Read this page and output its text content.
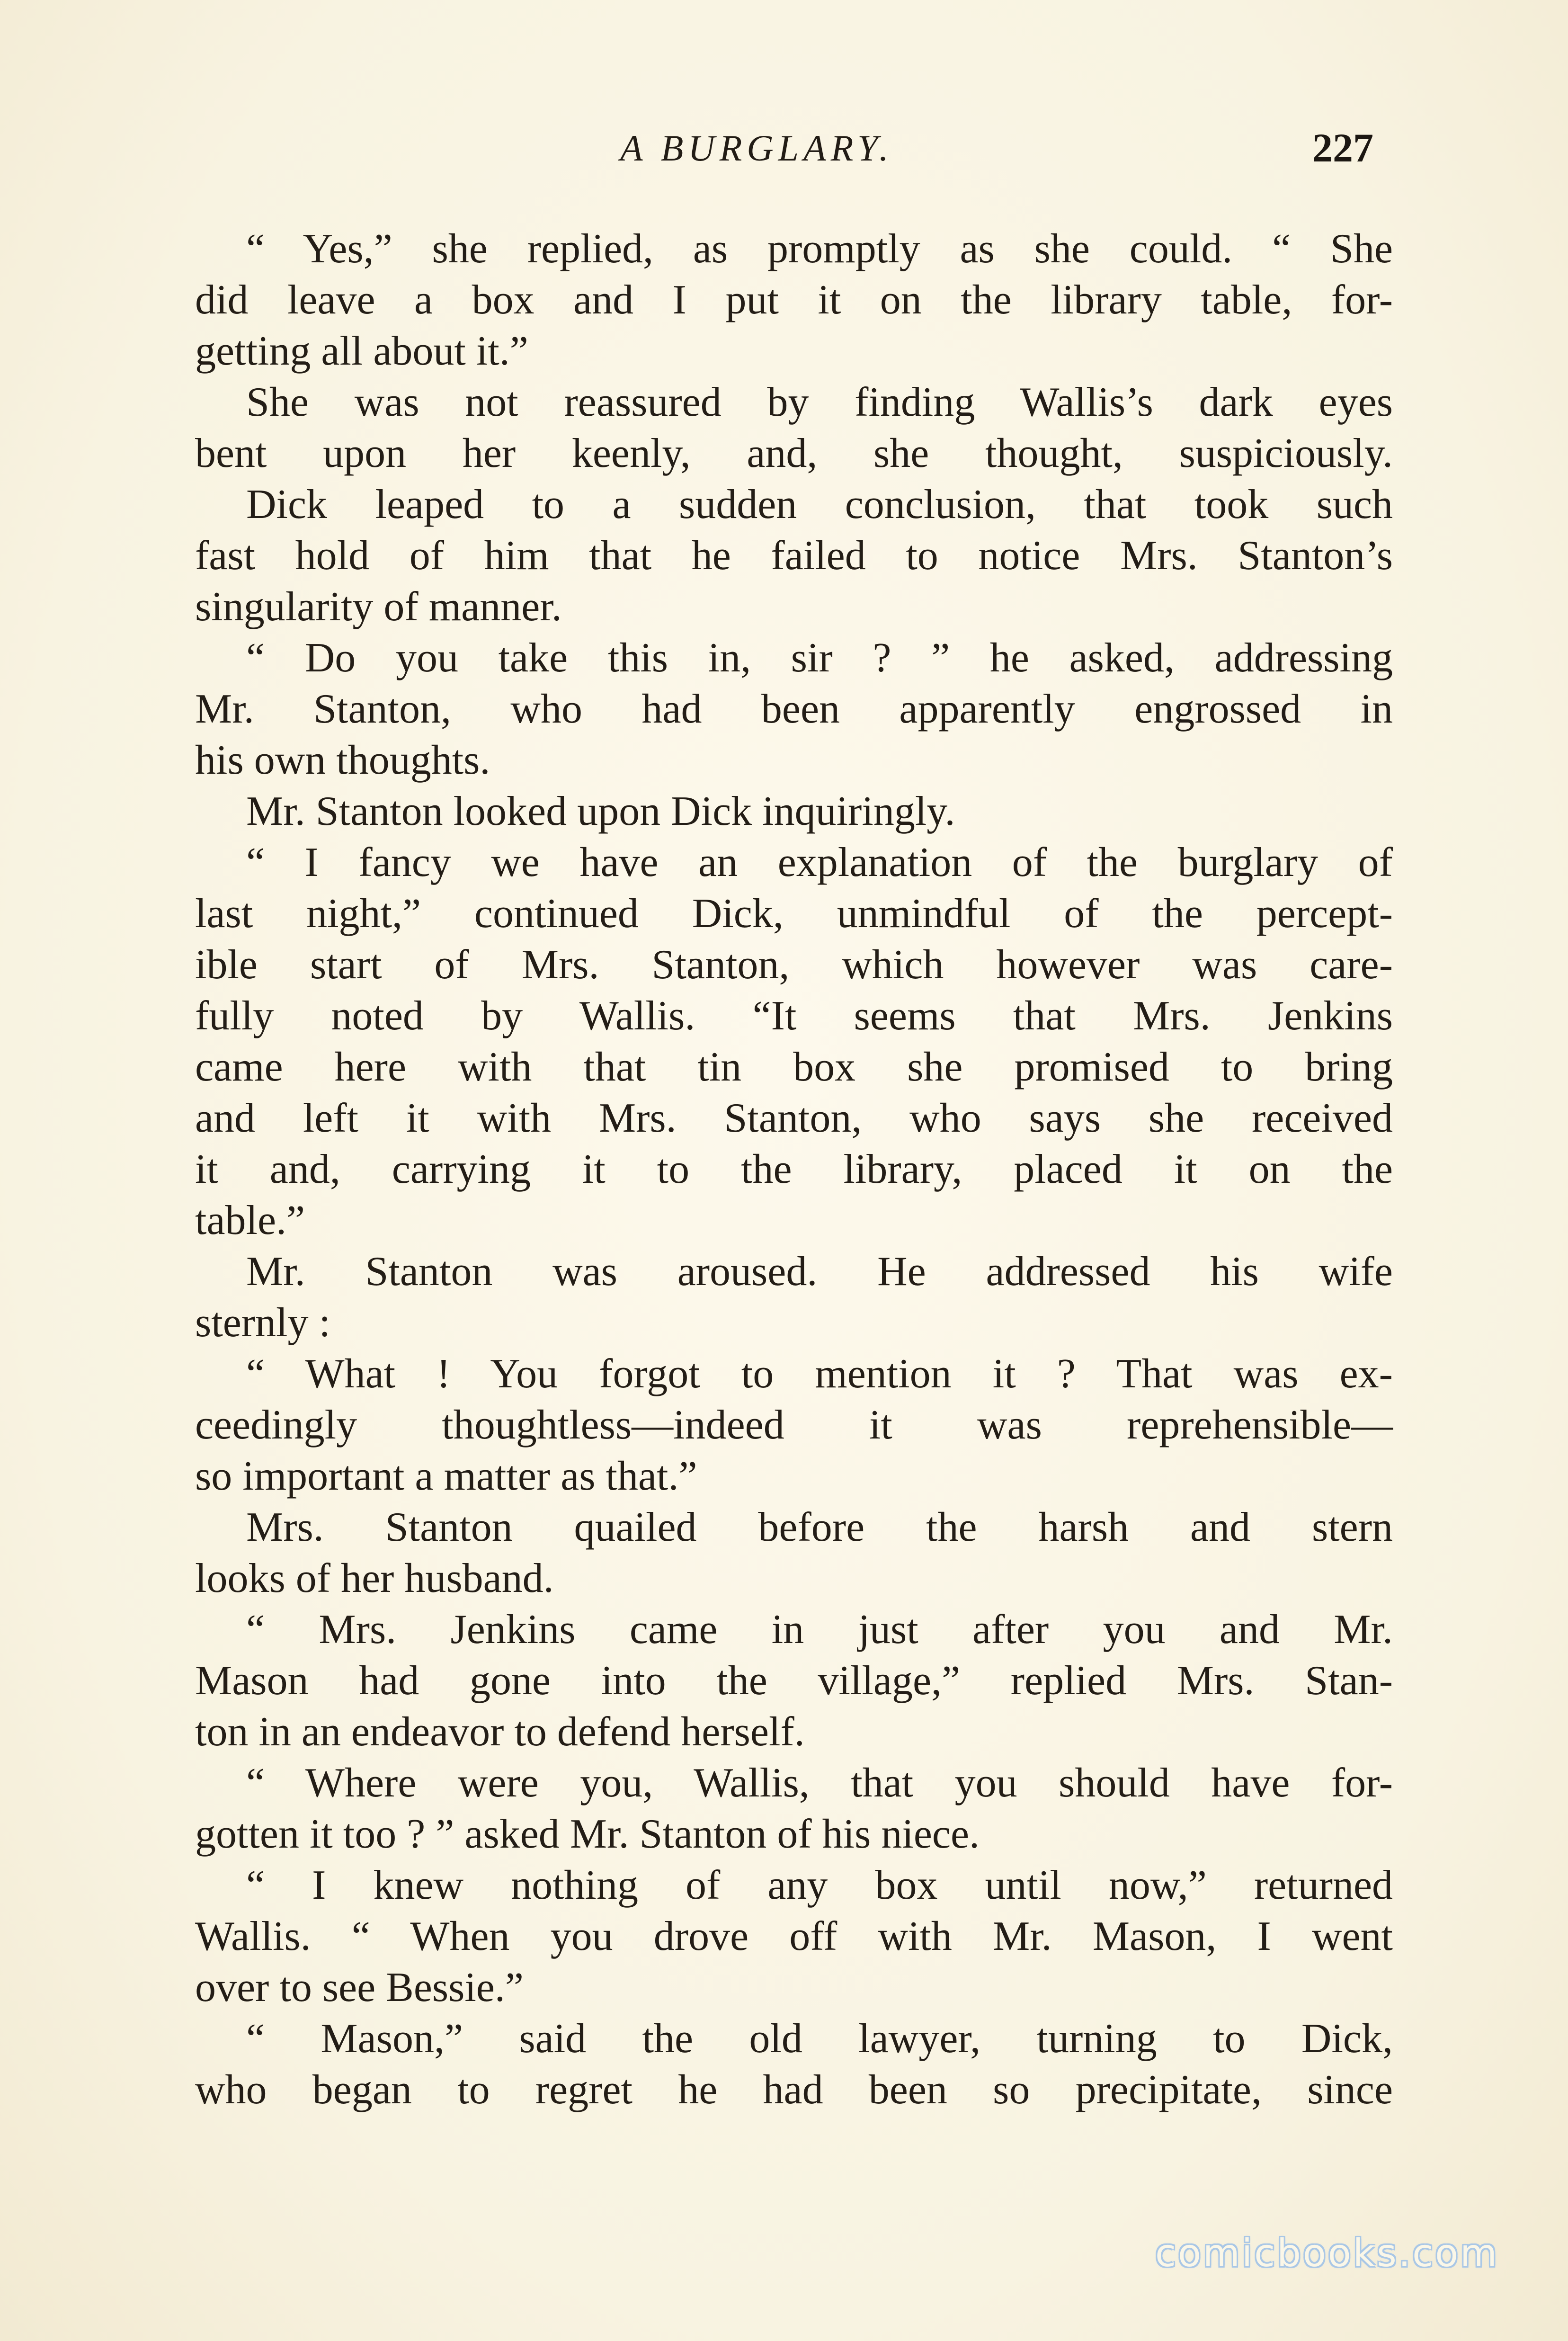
A BURGLARY.	227
“ Yes,” she replied, as promptly as she could. “ She
did leave a box and I put it on the library table, for-
getting all about it.”
She was not reassured by finding Wallis’s dark eyes
bent upon her keenly, and, she thought, suspiciously.
Dick leaped to a sudden conclusion, that took such
fast hold of him that he failed to notice Mrs. Stanton’s
singularity of manner.
“ Do you take this in, sir ? ” he asked, addressing
Mr. Stanton, who had been apparently engrossed in
his own thoughts.
Mr. Stanton looked upon Dick inquiringly.
“ I fancy we have an explanation of the burglary of
last night,” continued Dick, unmindful of the percept-
ible start of Mrs. Stanton, which however was care-
fully noted by Wallis. “It seems that Mrs. Jenkins
came here with that tin box she promised to bring
and left it with Mrs. Stanton, who says she received
it and, carrying it to the library, placed it on the
table.”
Mr. Stanton was aroused. He addressed his wife
sternly :
“ What ! You forgot to mention it ? That was ex-
ceedingly thoughtless—indeed it was reprehensible—
so important a matter as that.”
Mrs. Stanton quailed before the harsh and stern
looks of her husband.
“ Mrs. Jenkins came in just after you and Mr.
Mason had gone into the village,” replied Mrs. Stan-
ton in an endeavor to defend herself.
“ Where were you, Wallis, that you should have for-
gotten it too ? ” asked Mr. Stanton of his niece.
“ I knew nothing of any box until now,” returned
Wallis. “ When you drove off with Mr. Mason, I went
over to see Bessie.”
“ Mason,” said the old lawyer, turning to Dick,
who began to regret he had been so precipitate, since
comicbooks.com
